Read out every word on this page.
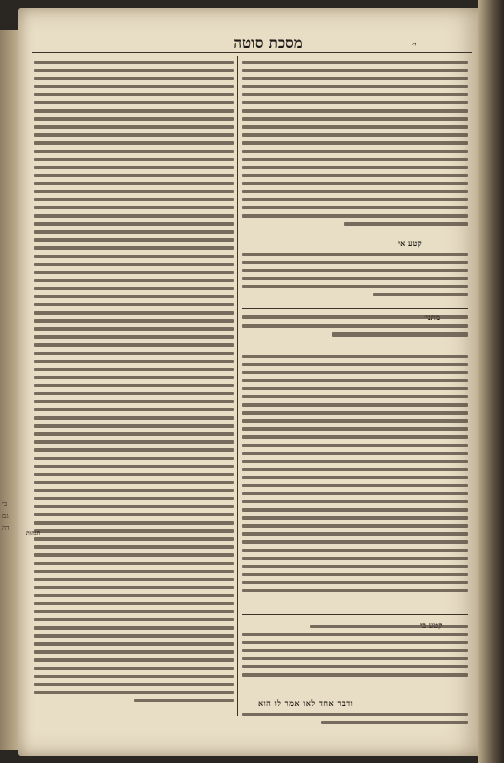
בי
גם
דה
מסכת סוטה	י׳
קטע אי
ודבר אחד לאו אמר לו הוא
הגהות
